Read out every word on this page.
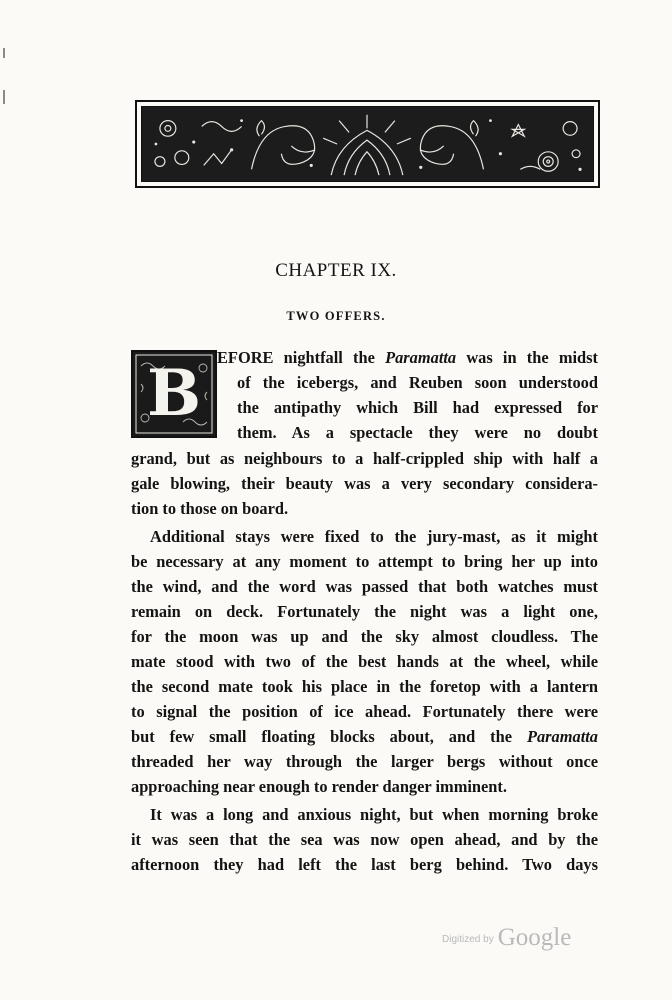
CHAPTER IX.
TWO OFFERS.
B EFORE nightfall the Paramatta was in the midst
of the icebergs, and Reuben soon understood
the antipathy which Bill had expressed for
them. As a spectacle they were no doubt
grand, but as neighbours to a half-crippled ship with half a
gale blowing, their beauty was a very secondary considera-
tion to those on board.
Additional stays were fixed to the jury-mast, as it might
be necessary at any moment to attempt to bring her up into
the wind, and the word was passed that both watches must
remain on deck. Fortunately the night was a light one,
for the moon was up and the sky almost cloudless. The
mate stood with two of the best hands at the wheel, while
the second mate took his place in the foretop with a lantern
to signal the position of ice ahead. Fortunately there were
but few small floating blocks about, and the Paramatta
threaded her way through the larger bergs without once
approaching near enough to render danger imminent.
It was a long and anxious night, but when morning broke
it was seen that the sea was now open ahead, and by the
afternoon they had left the last berg behind. Two days
Digitized by Google
